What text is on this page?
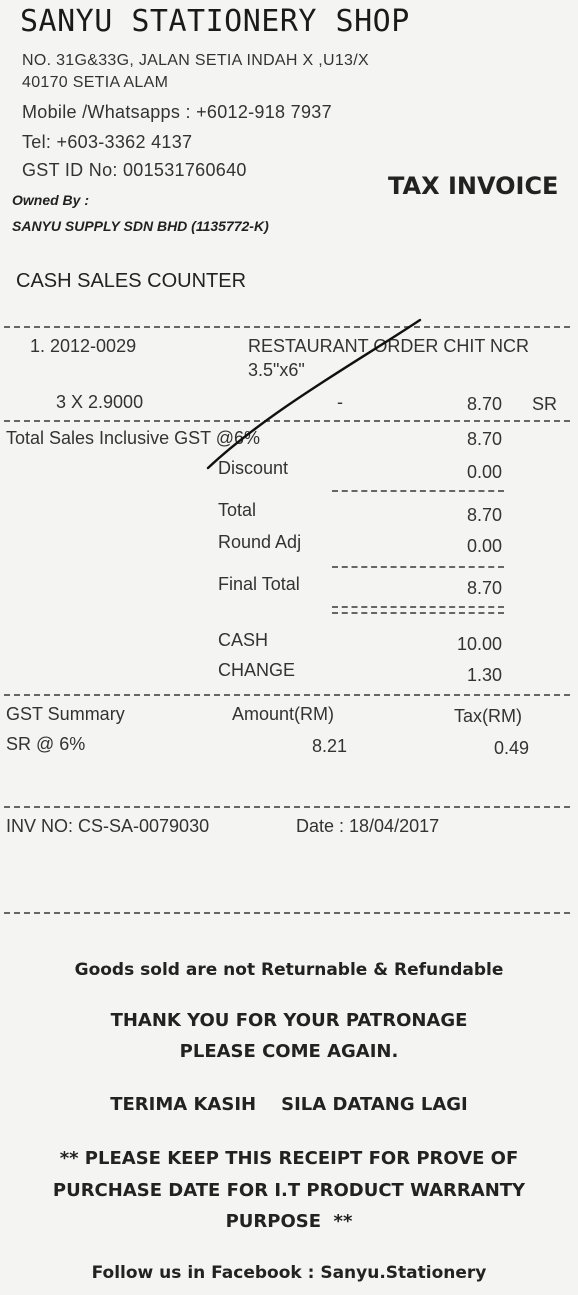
SANYU STATIONERY SHOP
NO. 31G&33G, JALAN SETIA INDAH X ,U13/X
40170 SETIA ALAM
Mobile /Whatsapps : +6012-918 7937
Tel: +603-3362 4137
GST ID No: 001531760640
Owned By :
SANYU SUPPLY SDN BHD (1135772-K)
TAX INVOICE
CASH SALES COUNTER
1. 2012-0029	RESTAURANT ORDER CHIT NCR
3.5"x6"
3 X 2.9000	-	8.70 SR
Total Sales Inclusive GST @6%	8.70
Discount	0.00
Total	8.70
Round Adj	0.00
Final Total	8.70
CASH	10.00
CHANGE	1.30
GST Summary	Amount(RM)	Tax(RM)
SR @ 6%	8.21	0.49
INV NO: CS-SA-0079030	Date : 18/04/2017
Goods sold are not Returnable & Refundable
THANK YOU FOR YOUR PATRONAGE
PLEASE COME AGAIN.
TERIMA KASIH    SILA DATANG LAGI
** PLEASE KEEP THIS RECEIPT FOR PROVE OF
PURCHASE DATE FOR I.T PRODUCT WARRANTY
PURPOSE  **
Follow us in Facebook : Sanyu.Stationery
